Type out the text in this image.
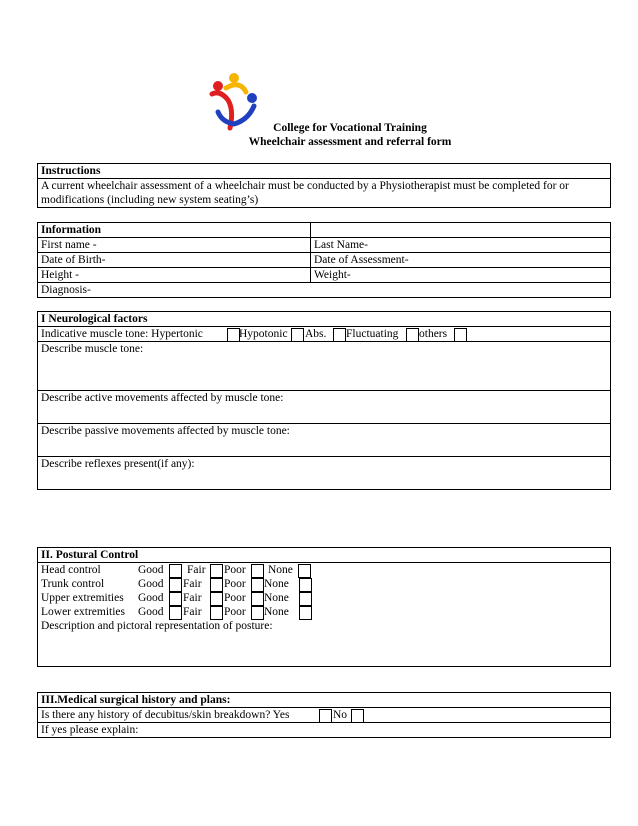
College for Vocational Training
Wheelchair assessment and referral form
Instructions
A current wheelchair assessment of a wheelchair must be conducted by a Physiotherapist must be completed for or modifications (including new system seating’s)
Information	
First name -	Last Name-
Date of Birth-	Date of Assessment-
Height -	Weight-
Diagnosis-	
I Neurological factors

Indicative muscle tone: Hypertonic	Hypotonic Abs. Fluctuating others

Describe muscle tone:
Describe active movements affected by muscle tone:
Describe passive movements affected by muscle tone:
Describe reflexes present(if any):
II. Postural Control

Head control	Good Fair Poor None
Trunk control	Good Fair Poor None
Upper extremities Good Fair Poor None
Lower extremities Good Fair Poor None
Description and pictoral representation of posture:
III.Medical surgical history and plans:

Is there any history of decubitus/skin breakdown? Yes	No

If yes please explain:
